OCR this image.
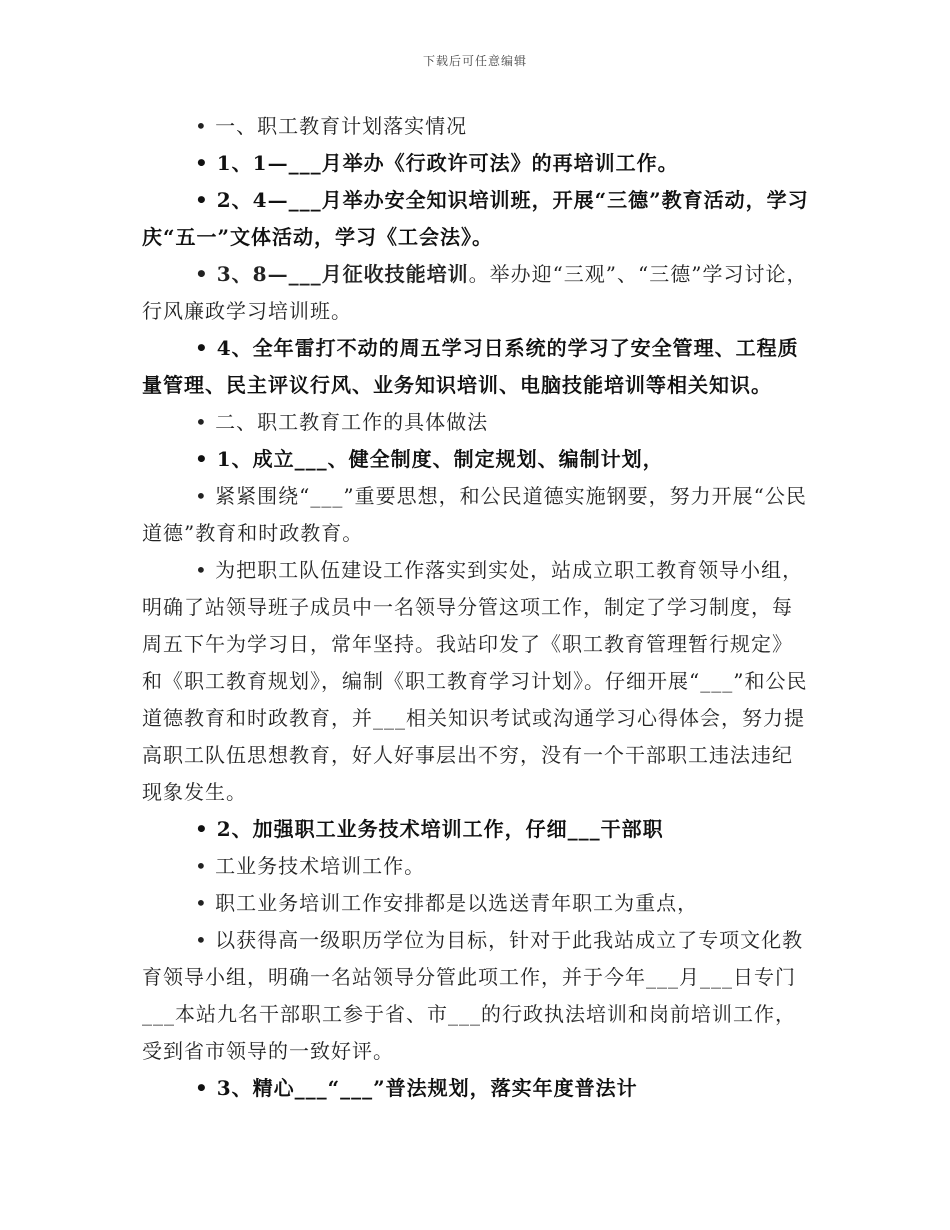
下载后可任意编辑

• 一、职工教育计划落实情况

• 1、1—___月举办《行政许可法》的再培训工作。

• 2、4—___月举办安全知识培训班，开展“三德”教育活动，学习庆“五一”文体活动，学习《工会法》。

• 3、8—___月征收技能培训。举办迎“三观”、“三德”学习讨论，行风廉政学习培训班。

• 4、全年雷打不动的周五学习日系统的学习了安全管理、工程质量管理、民主评议行风、业务知识培训、电脑技能培训等相关知识。

• 二、职工教育工作的具体做法

• 1、成立___、健全制度、制定规划、编制计划，

• 紧紧围绕“___”重要思想，和公民道德实施钢要，努力开展“公民道德”教育和时政教育。

• 为把职工队伍建设工作落实到实处，站成立职工教育领导小组，明确了站领导班子成员中一名领导分管这项工作，制定了学习制度，每周五下午为学习日，常年坚持。我站印发了《职工教育管理暂行规定》和《职工教育规划》，编制《职工教育学习计划》。仔细开展“___”和公民道德教育和时政教育，并___相关知识考试或沟通学习心得体会，努力提高职工队伍思想教育，好人好事层出不穷，没有一个干部职工违法违纪现象发生。

• 2、加强职工业务技术培训工作，仔细___干部职

• 工业务技术培训工作。

• 职工业务培训工作安排都是以选送青年职工为重点，

• 以获得高一级职历学位为目标，针对于此我站成立了专项文化教育领导小组，明确一名站领导分管此项工作，并于今年___月___日专门___本站九名干部职工参于省、市___的行政执法培训和岗前培训工作，受到省市领导的一致好评。

• 3、精心___“___”普法规划，落实年度普法计
